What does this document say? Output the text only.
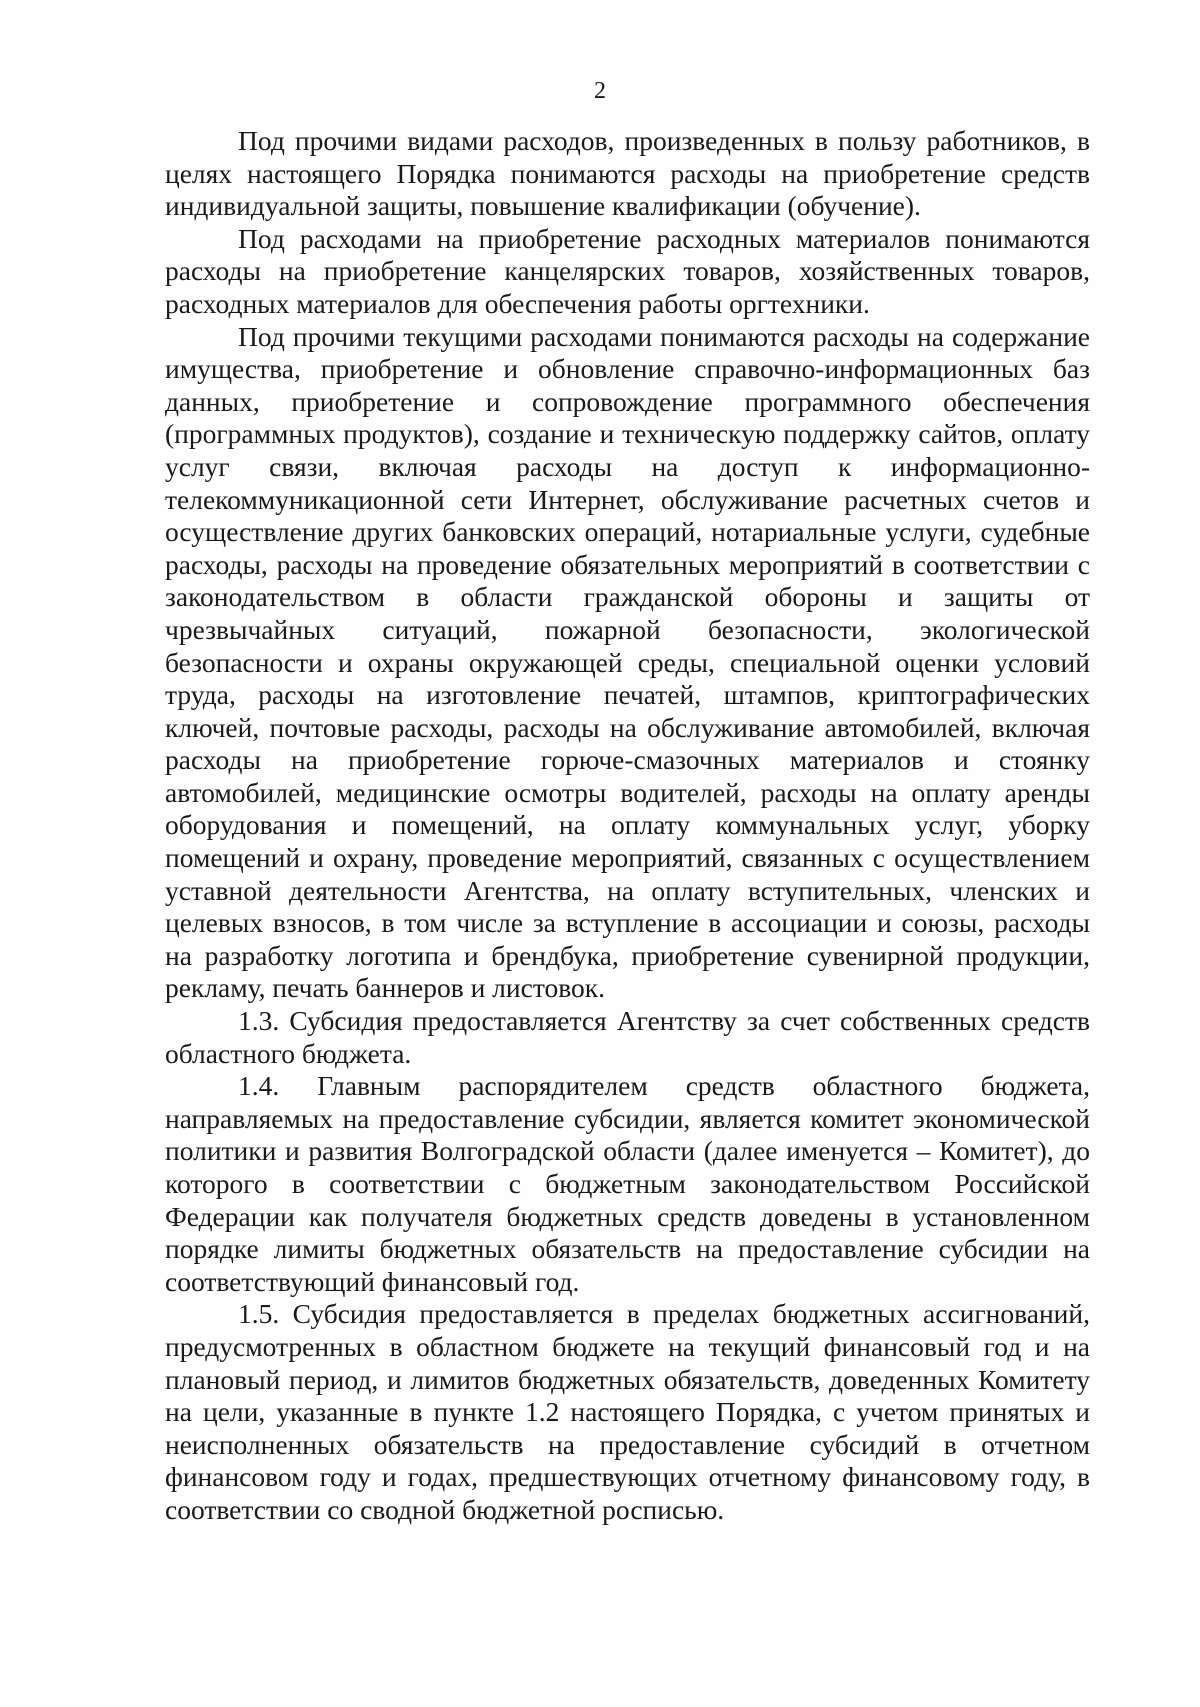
2

Под прочими видами расходов, произведенных в пользу работников, в целях настоящего Порядка понимаются расходы на приобретение средств индивидуальной защиты, повышение квалификации (обучение).

Под расходами на приобретение расходных материалов понимаются расходы на приобретение канцелярских товаров, хозяйственных товаров, расходных материалов для обеспечения работы оргтехники.

Под прочими текущими расходами понимаются расходы на содержание имущества, приобретение и обновление справочно-информационных баз данных, приобретение и сопровождение программного обеспечения (программных продуктов), создание и техническую поддержку сайтов, оплату услуг связи, включая расходы на доступ к информационно-телекоммуникационной сети Интернет, обслуживание расчетных счетов и осуществление других банковских операций, нотариальные услуги, судебные расходы, расходы на проведение обязательных мероприятий в соответствии с законодательством в области гражданской обороны и защиты от чрезвычайных ситуаций, пожарной безопасности, экологической безопасности и охраны окружающей среды, специальной оценки условий труда, расходы на изготовление печатей, штампов, криптографических ключей, почтовые расходы, расходы на обслуживание автомобилей, включая расходы на приобретение горюче-смазочных материалов и стоянку автомобилей, медицинские осмотры водителей, расходы на оплату аренды оборудования и помещений, на оплату коммунальных услуг, уборку помещений и охрану, проведение мероприятий, связанных с осуществлением уставной деятельности Агентства, на оплату вступительных, членских и целевых взносов, в том числе за вступление в ассоциации и союзы, расходы на разработку логотипа и брендбука, приобретение сувенирной продукции, рекламу, печать баннеров и листовок.

1.3. Субсидия предоставляется Агентству за счет собственных средств областного бюджета.

1.4. Главным распорядителем средств областного бюджета, направляемых на предоставление субсидии, является комитет экономической политики и развития Волгоградской области (далее именуется – Комитет), до которого в соответствии с бюджетным законодательством Российской Федерации как получателя бюджетных средств доведены в установленном порядке лимиты бюджетных обязательств на предоставление субсидии на соответствующий финансовый год.

1.5. Субсидия предоставляется в пределах бюджетных ассигнований, предусмотренных в областном бюджете на текущий финансовый год и на плановый период, и лимитов бюджетных обязательств, доведенных Комитету на цели, указанные в пункте 1.2 настоящего Порядка, с учетом принятых и неисполненных обязательств на предоставление субсидий в отчетном финансовом году и годах, предшествующих отчетному финансовому году, в соответствии со сводной бюджетной росписью.
